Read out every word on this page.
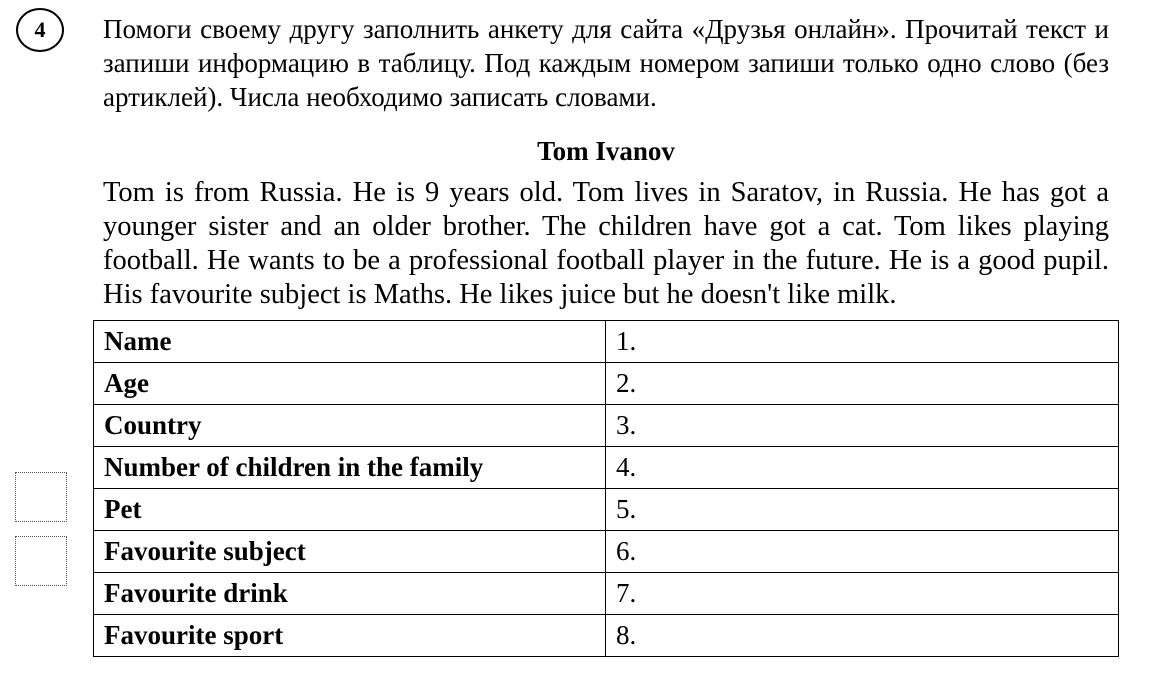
4 Помоги своему другу заполнить анкету для сайта «Друзья онлайн». Прочитай текст и запиши информацию в таблицу. Под каждым номером запиши только одно слово (без артиклей). Числа необходимо записать словами.

Tom Ivanov

Tom is from Russia. He is 9 years old. Tom lives in Saratov, in Russia. He has got a younger sister and an older brother. The children have got a cat. Tom likes playing football. He wants to be a professional football player in the future. He is a good pupil. His favourite subject is Maths. He likes juice but he doesn't like milk.

Name	1.
Age	2.
Country	3.
Number of children in the family	4.
Pet	5.
Favourite subject	6.
Favourite drink	7.
Favourite sport	8.
